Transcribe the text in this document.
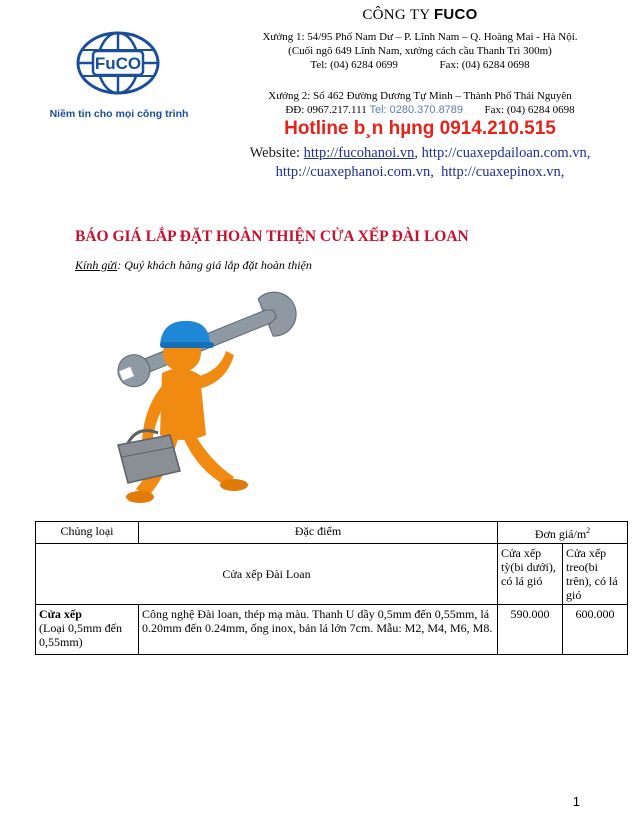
FuCO
Niềm tin cho mọi công trình
CÔNG TY FUCO
Xưởng 1: 54/95 Phố Nam Dư – P. Lĩnh Nam – Q. Hoàng Mai - Hà Nội.
(Cuối ngõ 649 Lĩnh Nam, xưởng cách cầu Thanh Trì 300m)
Tel: (04) 6284 0699	Fax: (04) 6284 0698
Xưởng 2: Số 462 Đường Dương Tự Minh – Thành Phố Thái Nguyên
ĐĐ: 0967.217.111 Tel: 0280.370.8789 Fax: (04) 6284 0698
Hotline b¸n hµng 0914.210.515
Website: http://fucohanoi.vn, http://cuaxepdailoan.com.vn,
http://cuaxephanoi.com.vn, http://cuaxepinox.vn,
BÁO GIÁ LẮP ĐẶT HOÀN THIỆN CỬA XẾP ĐÀI LOAN
Kính gửi: Quý khách hàng giá lắp đặt hoàn thiện
Chủng loại	Đặc điểm	Đơn giá/$m^2$
Cửa xếp Đài Loan		Cửa xếp tỳ(bi dưới), có lá gió	Cửa xếp treo(bi trên), có lá gió

Cửa xếp
(Loại 0,5mm đến 0,55mm)	Công nghệ Đài loan, thép mạ màu. Thanh U dầy 0,5mm đến 0,55mm, lá 0.20mm đến 0.24mm, ống inox, bản lá lớn 7cm. Mẫu: M2, M4, M6, M8.	590.000	600.000
1
